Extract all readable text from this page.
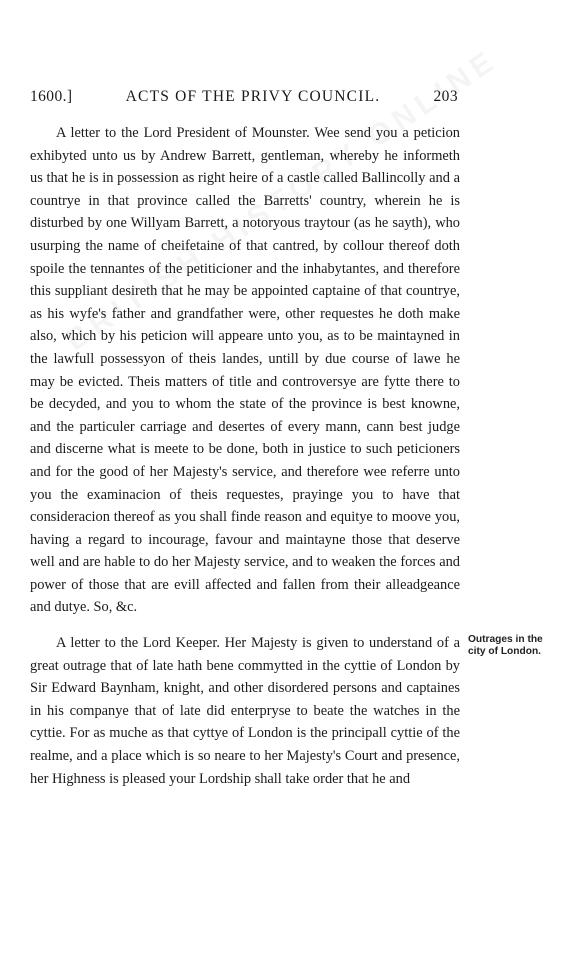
1600.]	ACTS OF THE PRIVY COUNCIL.	203

A letter to the Lord President of Mounster. Wee send you a peticion exhibyted unto us by Andrew Barrett, gentleman, whereby he informeth us that he is in possession as right heire of a castle called Ballincolly and a countrye in that province called the Barretts' country, wherein he is disturbed by one Willyam Barrett, a notoryous traytour (as he sayth), who usurping the name of cheifetaine of that cantred, by collour thereof doth spoile the tennantes of the petiticioner and the inhabytantes, and therefore this suppliant desireth that he may be appointed captaine of that countrye, as his wyfe's father and grandfather were, other requestes he doth make also, which by his peticion will appeare unto you, as to be maintayned in the lawfull possessyon of theis landes, untill by due course of lawe he may be evicted. Theis matters of title and controversye are fytte there to be decyded, and you to whom the state of the province is best knowne, and the particuler carriage and desertes of every mann, cann best judge and discerne what is meete to be done, both in justice to such peticioners and for the good of her Majesty's service, and therefore wee referre unto you the examinacion of theis requestes, prayinge you to have that consideracion thereof as you shall finde reason and equitye to moove you, having a regard to incourage, favour and maintayne those that deserve well and are hable to do her Majesty service, and to weaken the forces and power of those that are evill affected and fallen from their alleadgeance and dutye. So, &c.

A letter to the Lord Keeper. Her Majesty is given to understand of a great outrage that of late hath bene commytted in the cyttie of London by Sir Edward Baynham, knight, and other disordered persons and captaines in his companye that of late did enterpryse to beate the watches in the cyttie. For as muche as that cyttye of London is the principall cyttie of the realme, and a place which is so neare to her Majesty's Court and presence, her Highness is pleased your Lordship shall take order that he and

Outrages in the city of London.
